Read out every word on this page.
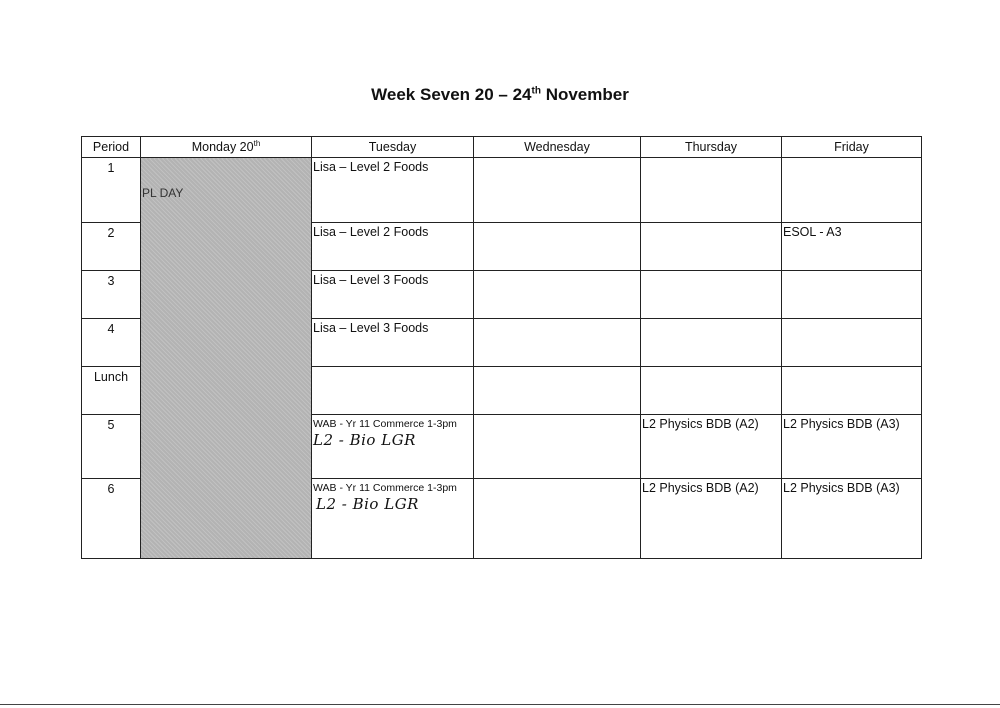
Week Seven 20 – 24th November
Period	Monday 20th	Tuesday	Wednesday	Thursday	Friday
1	PL DAY	Lisa – Level 2 Foods			
2		Lisa – Level 2 Foods			ESOL - A3
3		Lisa – Level 3 Foods			
4		Lisa – Level 3 Foods			
Lunch					
5		WAB - Yr 11 Commerce 1-3pm
L2 - Bio LGR		L2 Physics BDB (A2)	L2 Physics BDB (A3)
6		WAB - Yr 11 Commerce 1-3pm
L2 - Bio LGR		L2 Physics BDB (A2)	L2 Physics BDB (A3)
